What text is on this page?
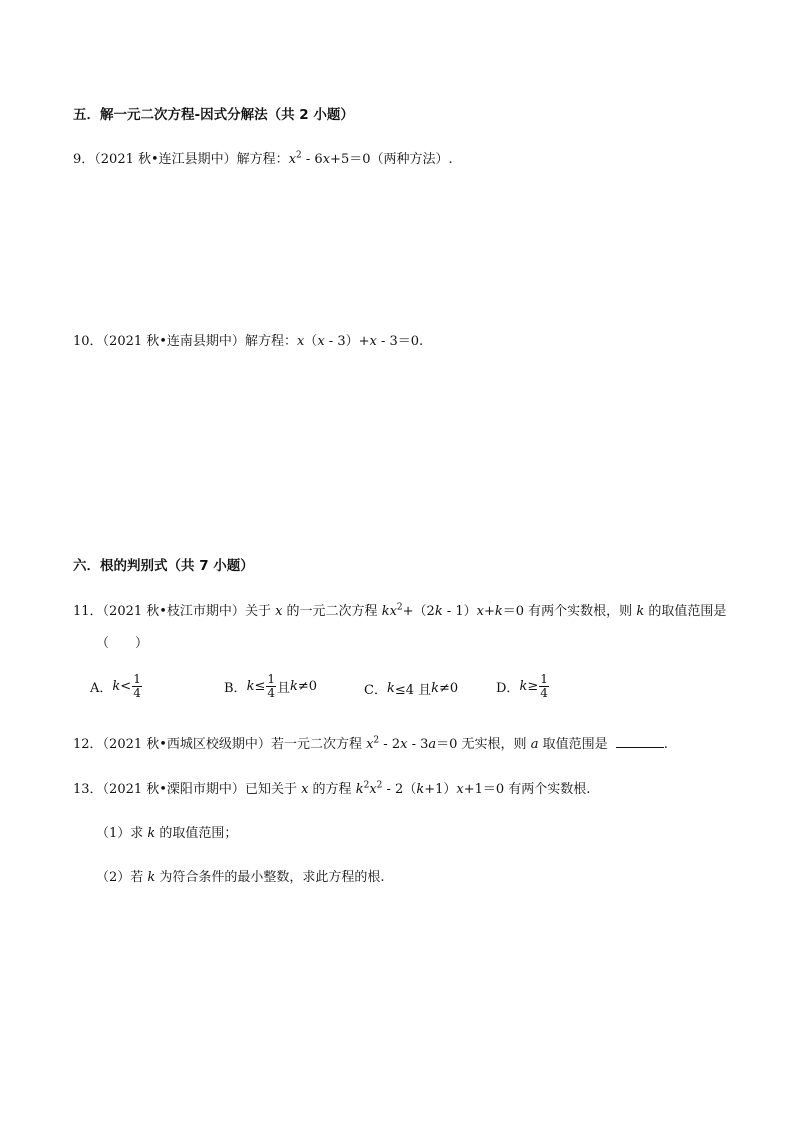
五．解一元二次方程-因式分解法（共 2 小题）
9．（2021 秋•连江县期中）解方程：$x^2 - 6x+5=0$（两种方法）.
10．（2021 秋•连南县期中）解方程：x（x - 3）+x - 3＝0.
六．根的判别式（共 7 小题）
11．（2021 秋•枝江市期中）关于 x 的一元二次方程 $kx^2+(2k - 1)x+k=0$ 有两个实数根，则 k 的取值范围是
（　　）
A． $k < \frac{1}{4}$	B． $k \le \frac{1}{4}$ 且 k ≠0	C． k ≤4 且 k ≠0	D． $k \ge \frac{1}{4}$
12．（2021 秋•西城区校级期中）若一元二次方程 $x^2 - 2x - 3a=0$ 无实根，则 a 取值范围是	.
13．（2021 秋•溧阳市期中）已知关于 x 的方程 $k^2x^2 - 2(k+1)x+1=0$ 有两个实数根.
（1）求 k 的取值范围；
（2）若 k 为符合条件的最小整数，求此方程的根.
